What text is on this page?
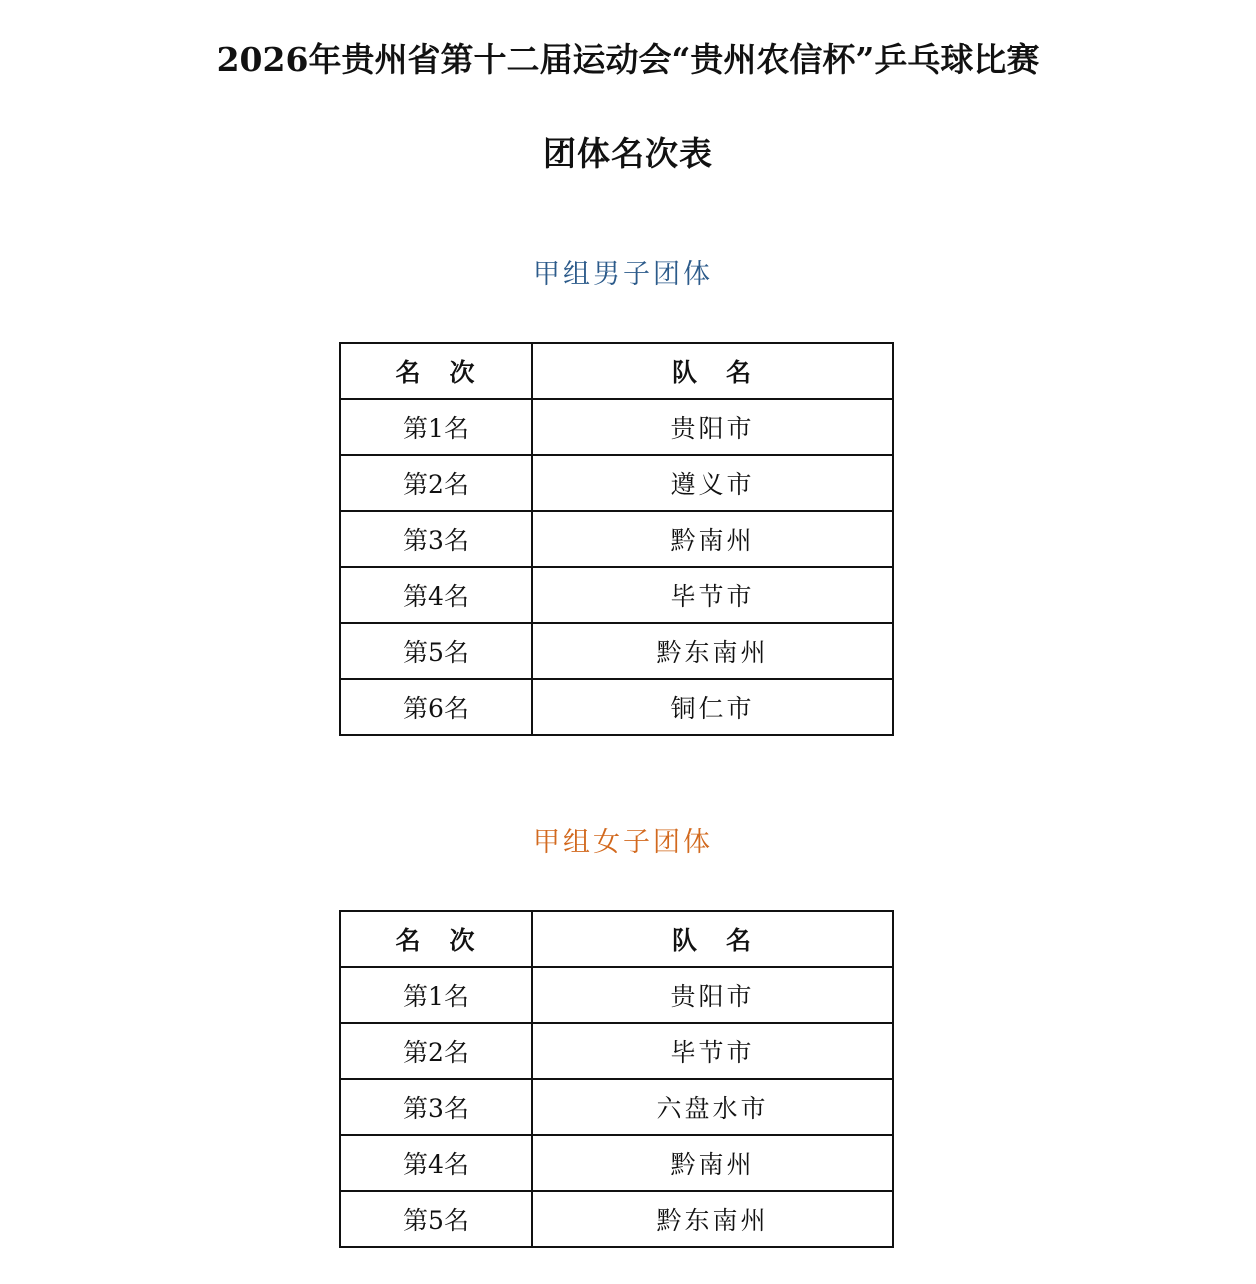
2026年贵州省第十二届运动会“贵州农信杯”乒乓球比赛
团体名次表
甲组男子团体
名　次	队　名
第1名	贵阳市
第2名	遵义市
第3名	黔南州
第4名	毕节市
第5名	黔东南州
第6名	铜仁市
甲组女子团体
名　次	队　名
第1名	贵阳市
第2名	毕节市
第3名	六盘水市
第4名	黔南州
第5名	黔东南州
